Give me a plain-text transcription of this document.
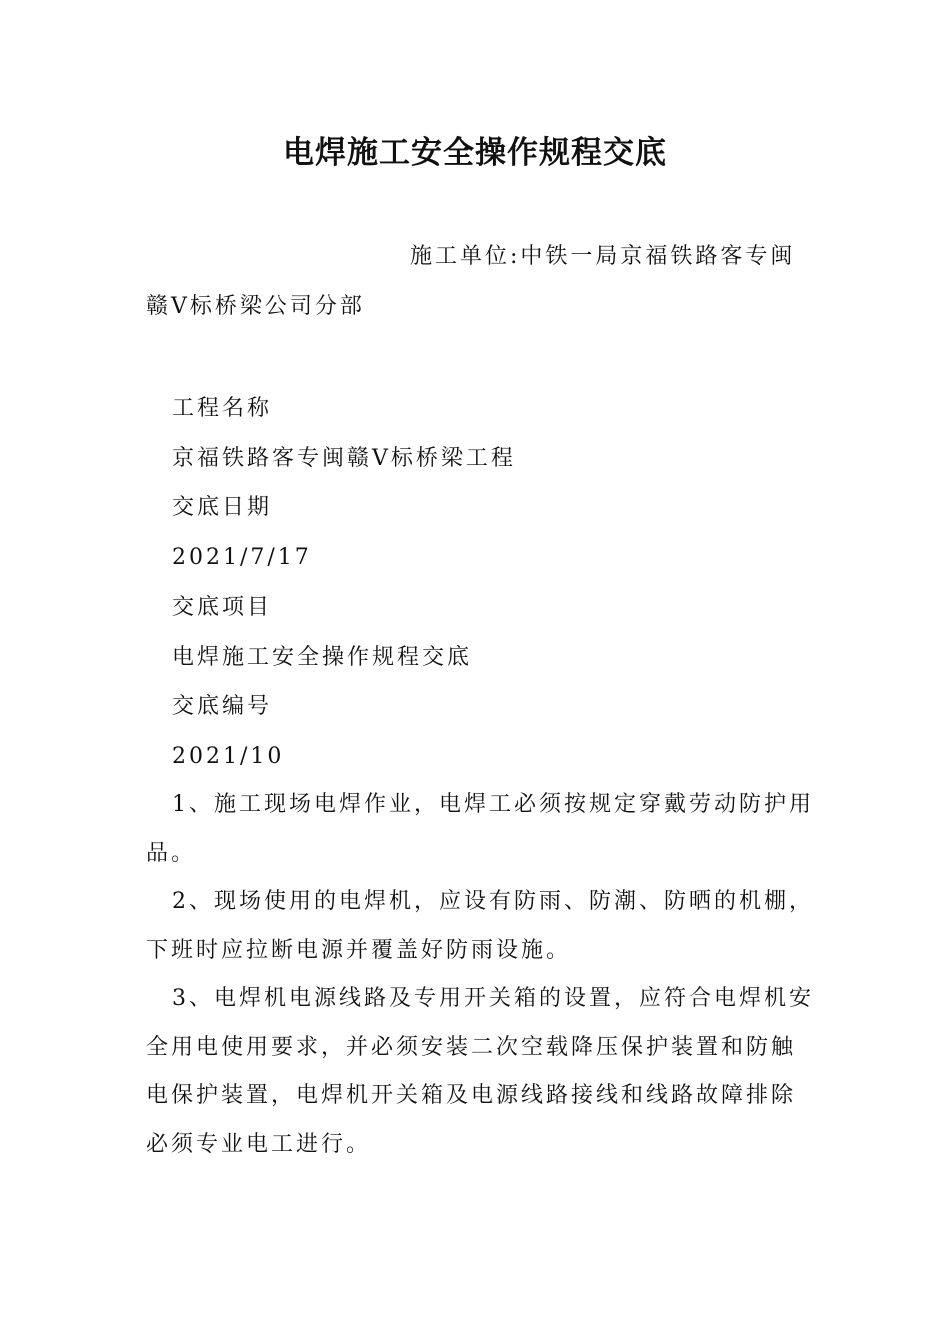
电焊施工安全操作规程交底

施工单位:中铁一局京福铁路客专闽赣Ⅴ标桥梁公司分部

工程名称
京福铁路客专闽赣Ⅴ标桥梁工程
交底日期
2021/7/17
交底项目
电焊施工安全操作规程交底
交底编号
2021/10

1、施工现场电焊作业，电焊工必须按规定穿戴劳动防护用品。

2、现场使用的电焊机，应设有防雨、防潮、防晒的机棚，下班时应拉断电源并覆盖好防雨设施。

3、电焊机电源线路及专用开关箱的设置，应符合电焊机安全用电使用要求，并必须安装二次空载降压保护装置和防触电保护装置，电焊机开关箱及电源线路接线和线路故障排除必须专业电工进行。
